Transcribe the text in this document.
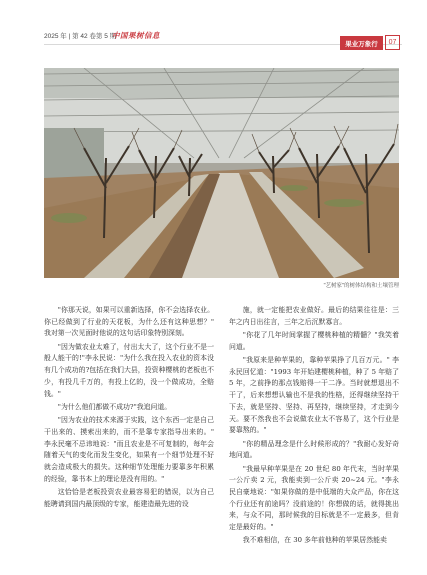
2025 年 | 第 42 卷第 5 期
中国果树信息
果业万象行	07
"艺树家"的树体结构和土壤管理

"你那天说，如果可以重新选择，你不会选择农业。你已经做到了行业的天花板，为什么还有这种思想？" 我对第一次见面时他说的这句话印象特别深刻。

"因为做农业太难了，付出太大了，这个行业不是一般人能干的!"李永民说："为什么我在投入农业的资本没有几个成功的?包括在我们大县，投资种樱桃的老板也不少，有投几千万的，有投上亿的，没一个做成功，全赔钱。"

"为什么他们都做不成功?"我追问道。

"因为农业的技术来源于实践，这个东西一定是自己干出来的、摸索出来的，而不是靠专家指导出来的。" 李永民毫不忌讳地说："而且农业是不可复制的，每年会随着天气的变化而发生变化，如果有一个细节处理不好就会造成极大的损失。这种细节处理能力要靠多年积累的经验，靠书本上的理论是没有用的。"

这恰恰是老板投资农业最容易犯的错误，以为自己能聘请到国内最顶级的专家，能建造最先进的设

施，就一定能把农业做好。最后的结果往往是：三年之内日出往言，三年之后沉默寡言。

"你花了几年时间掌握了樱桃种植的精髓？"我笑着问道。

"我原来是种苹果的，靠种苹果挣了几百万元。" 李永民回忆道："1993 年开始建樱桃种植，种了 5 年赔了 5 年，之前挣的那点钱赔得一干二净。当时就想退出不干了，后来想想认输也不是我的性格，还得继续坚持干下去，就是坚持、坚持、再坚持，继续坚持，才走到今天。要不然我也不会说做农业太不容易了，这个行业是要靠熬的。"

"你的精品理念是什么时候形成的？"我耐心发好奇地问道。

"我最早种苹果是在 20 世纪 80 年代末，当时苹果一公斤卖 2 元，我能卖到一公斤卖 20~24 元。"李永民自豪地说："如果你做的是中低端的大众产品，你在这个行业还有前途吗？没前途的！你想做的话，就得挑出来，与众不同，那时候我的目标就是不一定最多，但肯定是最好的。"

我不难相信，在 30 多年前他种的苹果居然能卖
